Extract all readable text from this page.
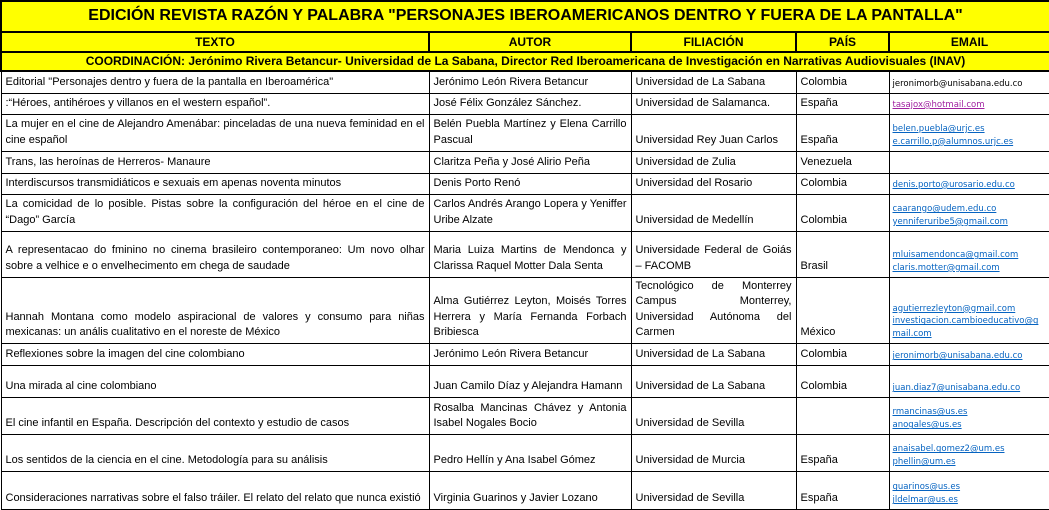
EDICIÓN REVISTA RAZÓN Y PALABRA "PERSONAJES IBEROAMERICANOS DENTRO Y FUERA DE LA PANTALLA"				
TEXTO	AUTOR	FILIACIÓN	PAÍS	EMAIL
COORDINACIÓN: Jerónimo Rivera Betancur- Universidad de La Sabana, Director Red Iberoamericana de Investigación en Narrativas Audiovisuales (INAV)				
Editorial "Personajes dentro y fuera de la pantalla en Iberoamérica"	Jerónimo León Rivera Betancur	Universidad de La Sabana	Colombia	jeronimorb@unisabana.edu.co

:“Héroes, antihéroes y villanos en el western español”.	José Félix González Sánchez.	Universidad de Salamanca.	España	tasajox@hotmail.com

La mujer en el cine de Alejandro Amenábar: pinceladas de una nueva feminidad en el cine español	Belén Puebla Martínez y Elena Carrillo Pascual	Universidad Rey Juan Carlos	España	belen.puebla@urjc.es
e.carrillo.p@alumnos.urjc.es

Trans, las heroínas de Herreros- Manaure	Claritza Peña y José Alirio Peña	Universidad de Zulia	Venezuela	
Interdiscursos transmidiáticos e sexuais em apenas noventa minutos	Denis Porto Renó	Universidad del Rosario	Colombia	denis.porto@urosario.edu.co

La comicidad de lo posible. Pistas sobre la configuración del héroe en el cine de “Dago” García	Carlos Andrés Arango Lopera y Yeniffer Uribe Alzate	Universidad de Medellín	Colombia	caarango@udem.edu.co
yenniferuribe5@gmail.com

A representacao do fminino no cinema brasileiro contemporaneo: Um novo olhar sobre a velhice e o envelhecimento em chega de saudade	Maria Luiza Martins de Mendonca y Clarissa Raquel Motter Dala Senta	Universidade Federal de Goiás – FACOMB	Brasil	mluisamendonca@gmail.com
claris.motter@gmail.com

Hannah Montana como modelo aspiracional de valores y consumo para niñas mexicanas: un anális cualitativo en el noreste de México	Alma Gutiérrez Leyton, Moisés Torres Herrera y María Fernanda Forbach Bribiesca	Tecnológico de Monterrey Campus Monterrey, Universidad Autónoma del Carmen	México	agutierrezleyton@gmail.com
investigacion.cambioeducativo@gmail.com

Reflexiones sobre la imagen del cine colombiano	Jerónimo León Rivera Betancur	Universidad de La Sabana	Colombia	jeronimorb@unisabana.edu.co

Una mirada al cine colombiano	Juan Camilo Díaz y Alejandra Hamann	Universidad de La Sabana	Colombia	juan.diaz7@unisabana.edu.co

El cine infantil en España. Descripción del contexto y estudio de casos	Rosalba Mancinas Chávez y Antonia Isabel Nogales Bocio	Universidad de Sevilla		rmancinas@us.es
anogales@us.es

Los sentidos de la ciencia en el cine. Metodología para su análisis	Pedro Hellín y Ana Isabel Gómez	Universidad de Murcia	España	anaisabel.gomez2@um.es
phellin@um.es

Consideraciones narrativas sobre el falso tráiler. El relato del relato que nunca existió	Virginia Guarinos y Javier Lozano	Universidad de Sevilla	España	guarinos@us.es
jldelmar@us.es
